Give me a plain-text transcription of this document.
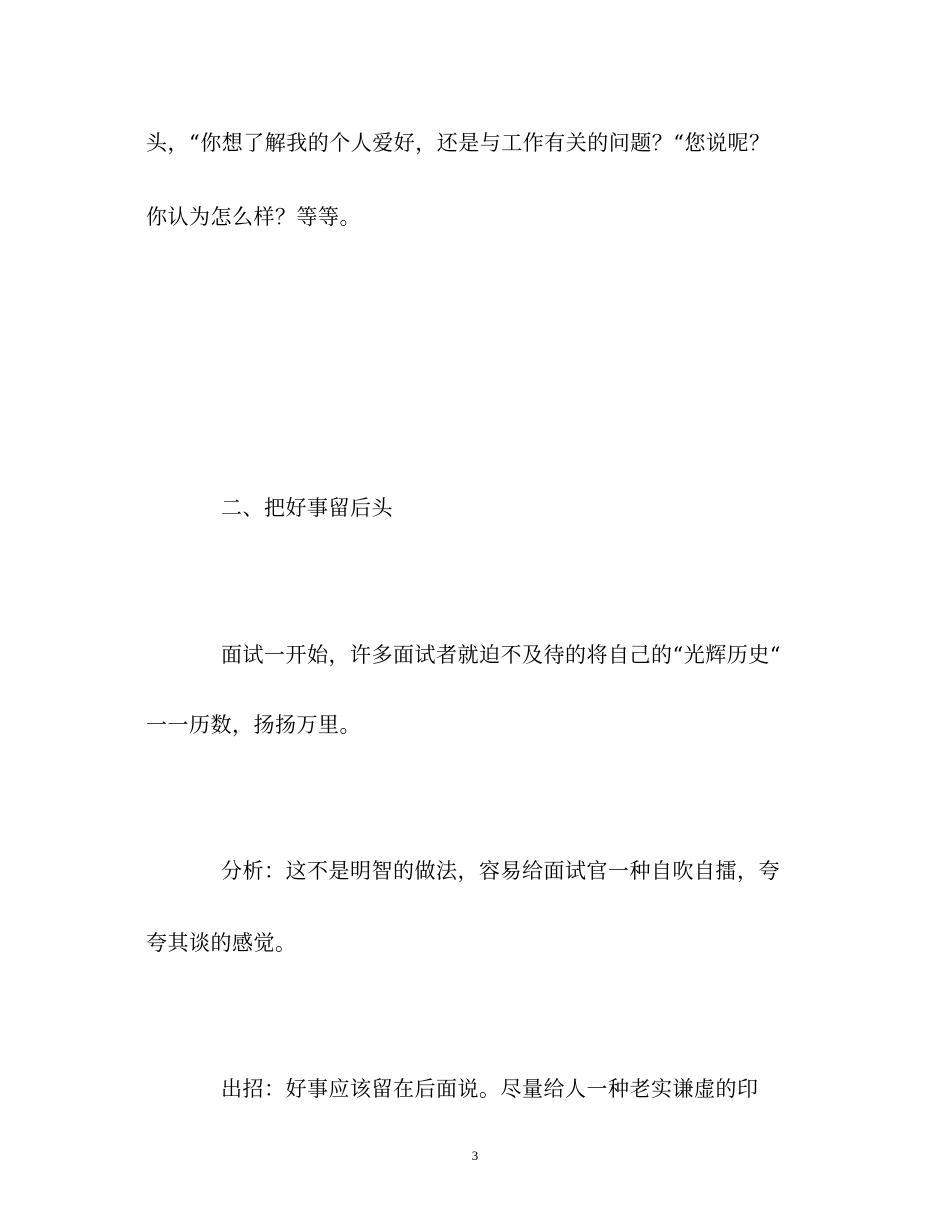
头，“你想了解我的个人爱好，还是与工作有关的问题？“您说呢？
你认为怎么样？等等。
二、把好事留后头
面试一开始，许多面试者就迫不及待的将自己的“光辉历史“
一一历数，扬扬万里。
分析：这不是明智的做法，容易给面试官一种自吹自擂，夸
夸其谈的感觉。
出招：好事应该留在后面说。尽量给人一种老实谦虚的印
3
